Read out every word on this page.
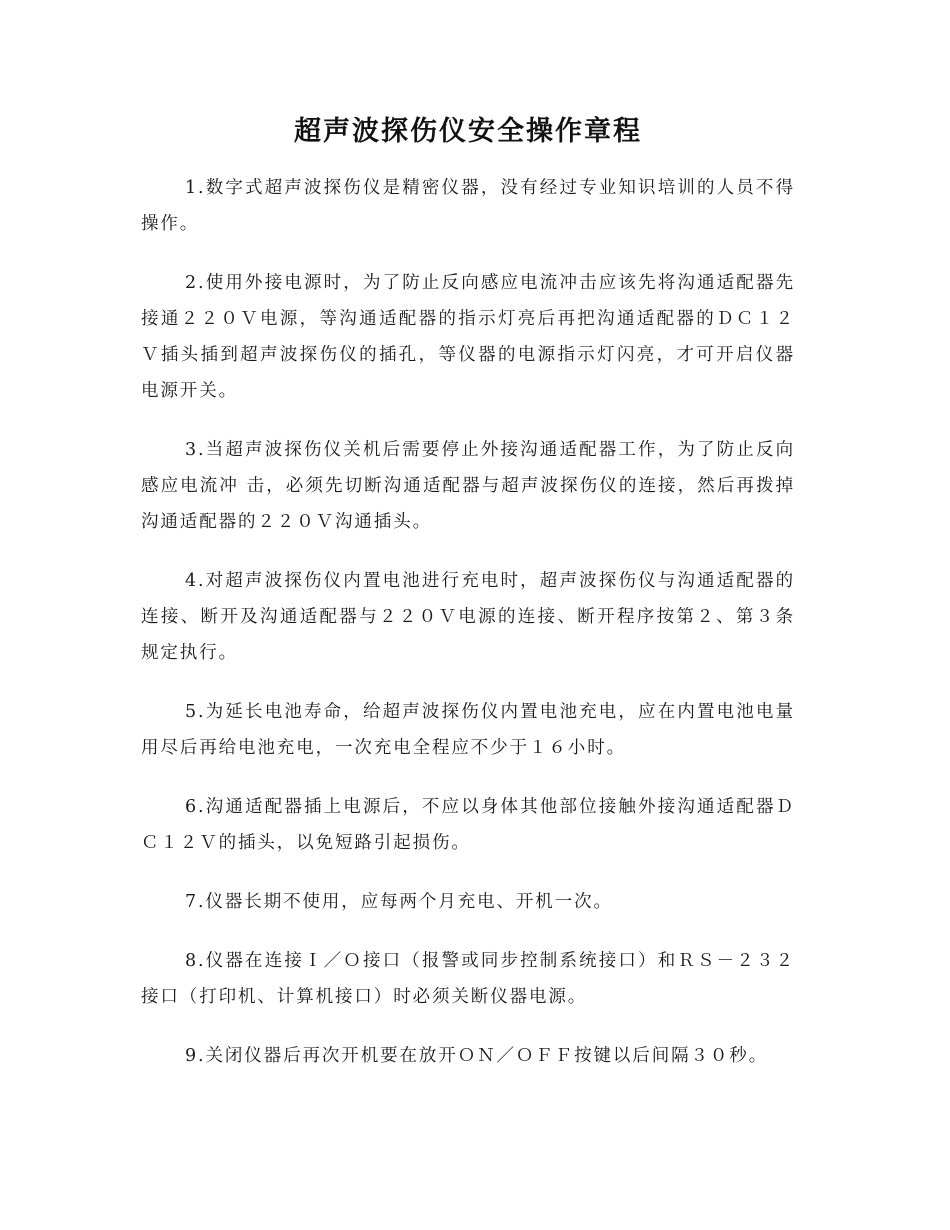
超声波探伤仪安全操作章程

1.数字式超声波探伤仪是精密仪器，没有经过专业知识培训的人员不得操作。

2.使用外接电源时，为了防止反向感应电流冲击应该先将沟通适配器先接通２２０Ｖ电源，等沟通适配器的指示灯亮后再把沟通适配器的ＤＣ１２Ｖ插头插到超声波探伤仪的插孔，等仪器的电源指示灯闪亮，才可开启仪器电源开关。

3.当超声波探伤仪关机后需要停止外接沟通适配器工作，为了防止反向感应电流冲 击，必须先切断沟通适配器与超声波探伤仪的连接，然后再拨掉沟通适配器的２２０Ｖ沟通插头。

4.对超声波探伤仪内置电池进行充电时，超声波探伤仪与沟通适配器的连接、断开及沟通适配器与２２０Ｖ电源的连接、断开程序按第２、第３条规定执行。

5.为延长电池寿命，给超声波探伤仪内置电池充电，应在内置电池电量用尽后再给电池充电，一次充电全程应不少于１６小时。

6.沟通适配器插上电源后，不应以身体其他部位接触外接沟通适配器ＤＣ１２Ｖ的插头，以免短路引起损伤。

7.仪器长期不使用，应每两个月充电、开机一次。

8.仪器在连接Ｉ／Ｏ接口（报警或同步控制系统接口）和ＲＳ－２３２接口（打印机、计算机接口）时必须关断仪器电源。

9.关闭仪器后再次开机要在放开ＯＮ／ＯＦＦ按键以后间隔３０秒。
